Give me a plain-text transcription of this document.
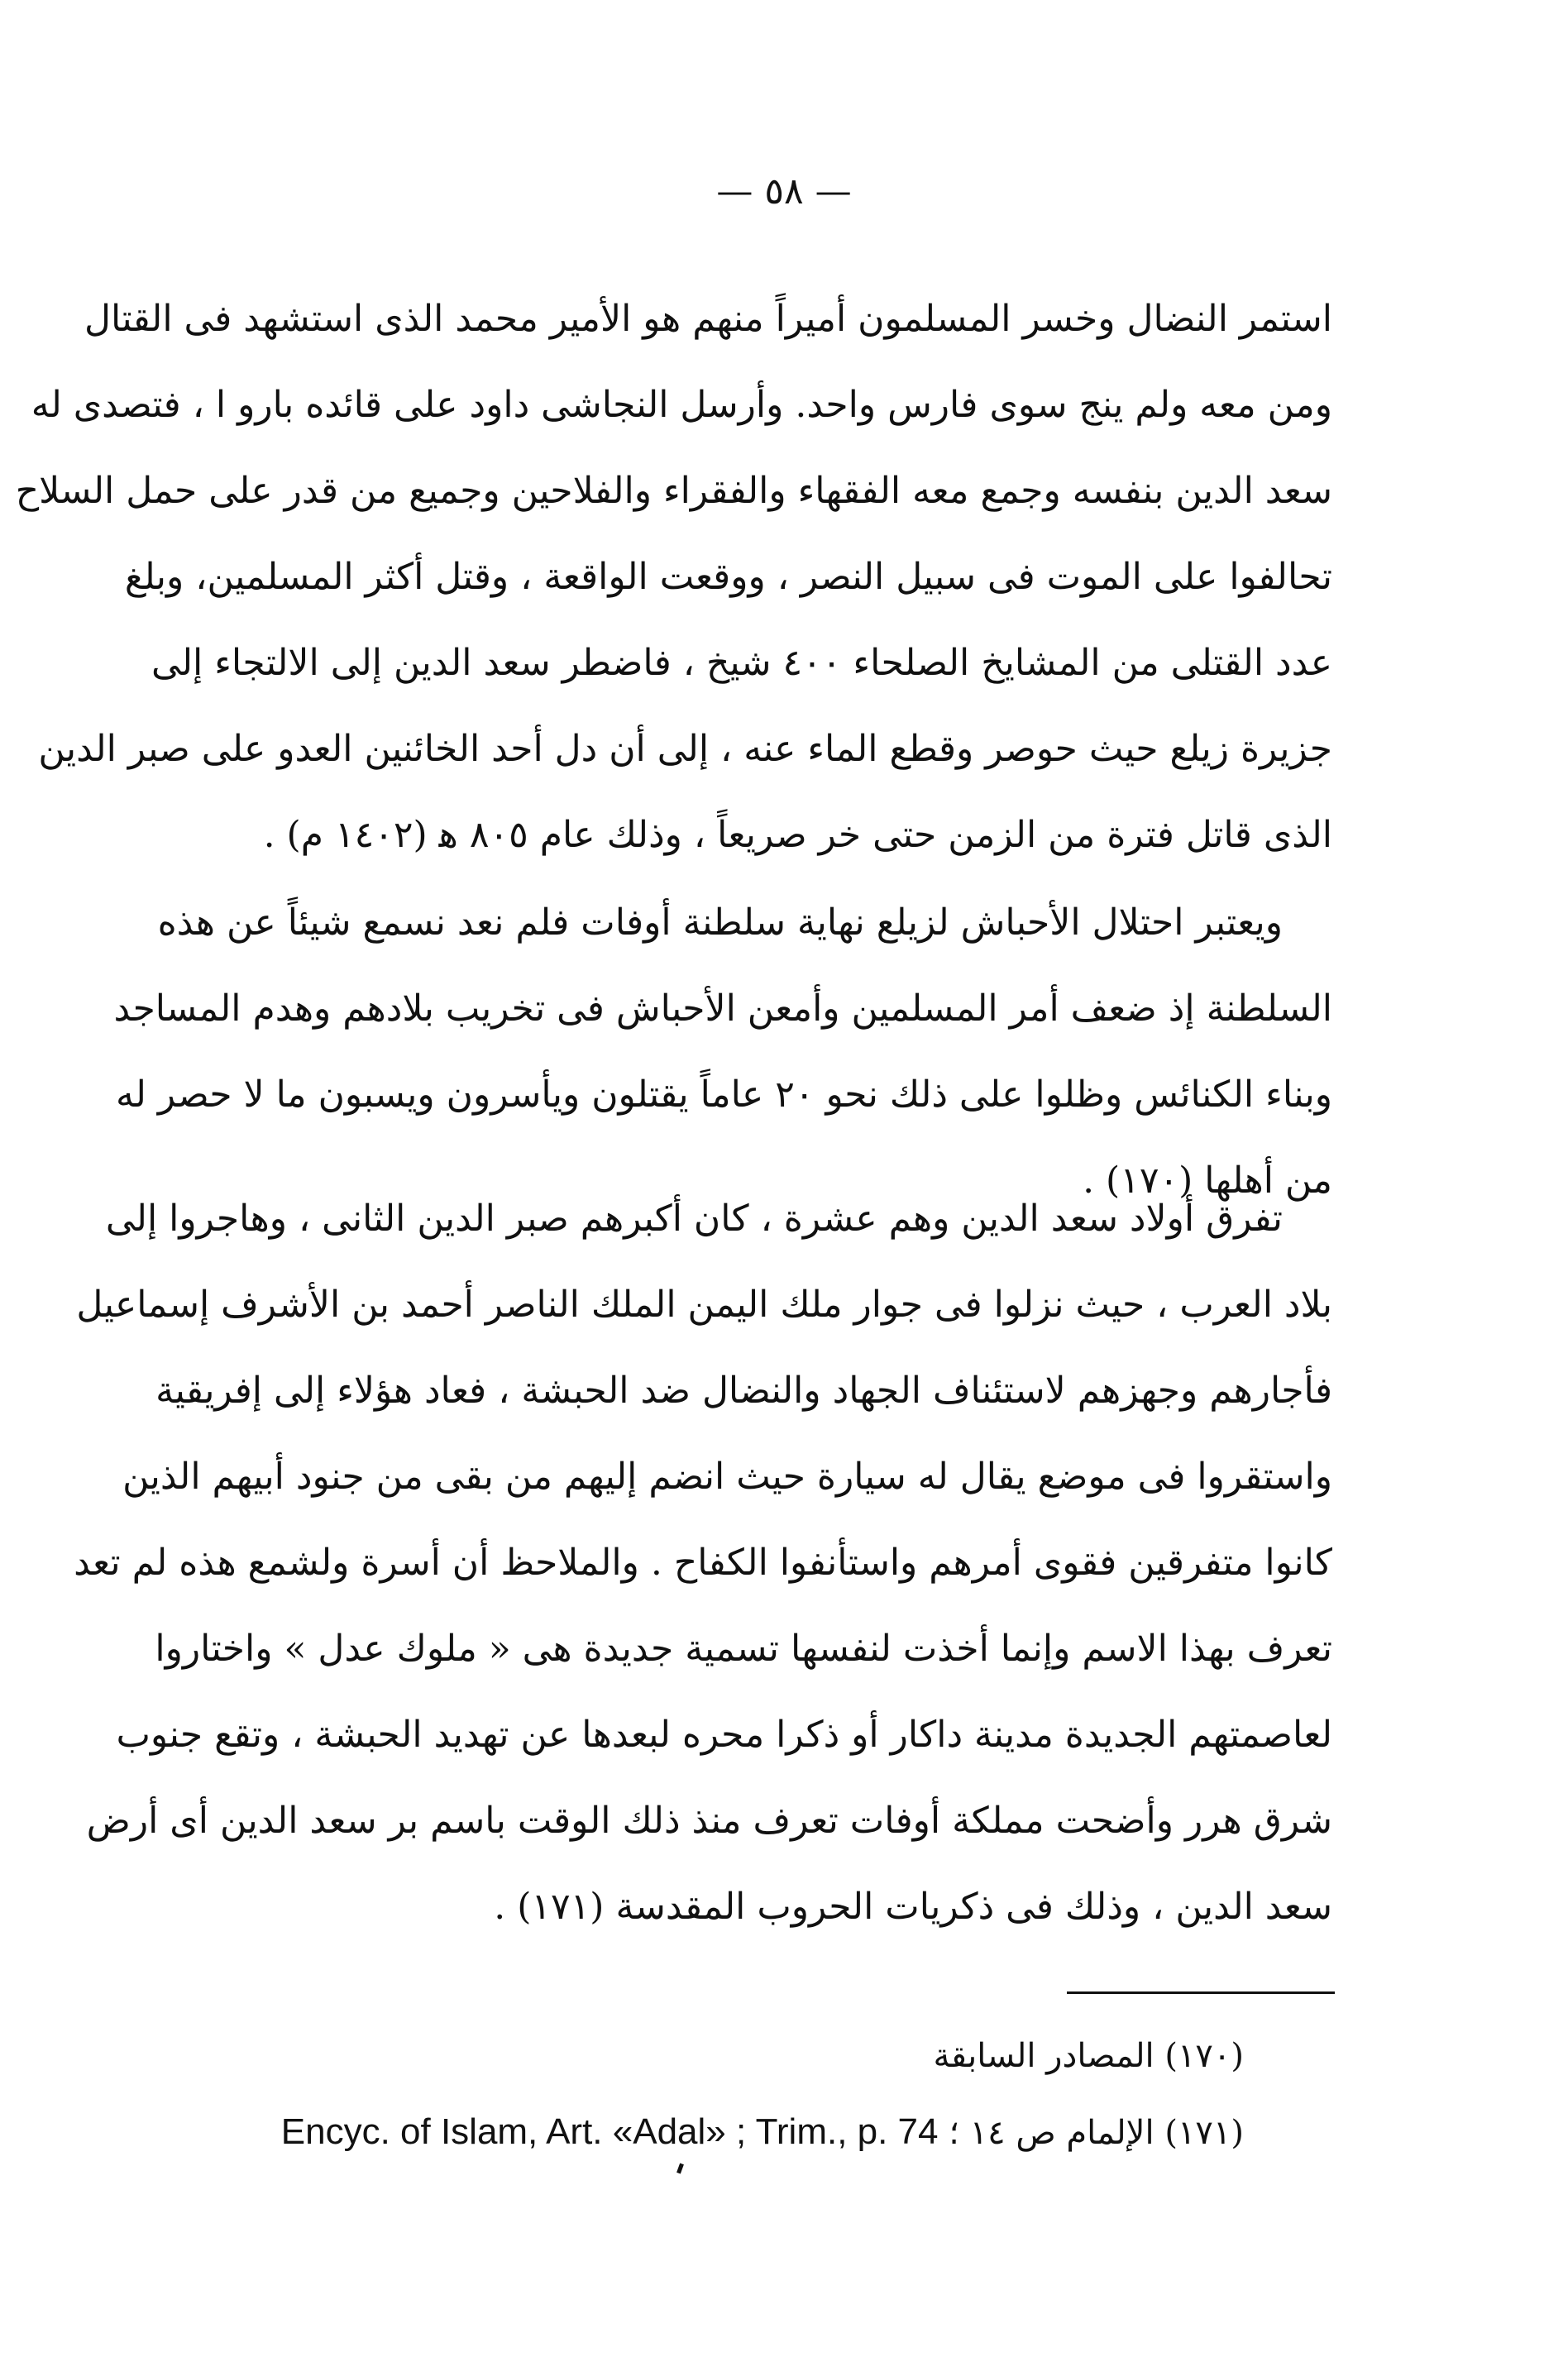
— ٥٨ —
استمر النضال وخسر المسلمون أميراً منهم هو الأمير محمد الذى استشهد فى القتال
ومن معه ولم ينج سوى فارس واحد. وأرسل النجاشى داود على قائده بارو ا ، فتصدى له
سعد الدين بنفسه وجمع معه الفقهاء والفقراء والفلاحين وجميع من قدر على حمل السلاح
تحالفوا على الموت فى سبيل النصر ، ووقعت الواقعة ، وقتل أكثر المسلمين، وبلغ
عدد القتلى من المشايخ الصلحاء ٤٠٠ شيخ ، فاضطر سعد الدين إلى الالتجاء إلى
جزيرة زيلع حيث حوصر وقطع الماء عنه ، إلى أن دل أحد الخائنين العدو على صبر الدين
الذى قاتل فترة من الزمن حتى خر صريعاً ، وذلك عام ٨٠٥ ﻫ (١٤٠٢ م) .
ويعتبر احتلال الأحباش لزيلع نهاية سلطنة أوفات فلم نعد نسمع شيئاً عن هذه
السلطنة إذ ضعف أمر المسلمين وأمعن الأحباش فى تخريب بلادهم وهدم المساجد
وبناء الكنائس وظلوا على ذلك نحو ٢٠ عاماً يقتلون ويأسرون ويسبون ما لا حصر له
من أهلها (١٧٠) .
تفرق أولاد سعد الدين وهم عشرة ، كان أكبرهم صبر الدين الثانى ، وهاجروا إلى
بلاد العرب ، حيث نزلوا فى جوار ملك اليمن الملك الناصر أحمد بن الأشرف إسماعيل
فأجارهم وجهزهم لاستئناف الجهاد والنضال ضد الحبشة ، فعاد هؤلاء إلى إفريقية
واستقروا فى موضع يقال له سيارة حيث انضم إليهم من بقى من جنود أبيهم الذين
كانوا متفرقين فقوى أمرهم واستأنفوا الكفاح . والملاحظ أن أسرة ولشمع هذه لم تعد
تعرف بهذا الاسم وإنما أخذت لنفسها تسمية جديدة هى « ملوك عدل » واختاروا
لعاصمتهم الجديدة مدينة داكار أو ذكرا محره لبعدها عن تهديد الحبشة ، وتقع جنوب
شرق هرر وأضحت مملكة أوفات تعرف منذ ذلك الوقت باسم بر سعد الدين أى أرض
سعد الدين ، وذلك فى ذكريات الحروب المقدسة (١٧١) .
(١٧٠) المصادر السابقة
(١٧١) الإلمام ص ١٤ ؛ Encyc. of Islam, Art. «Adal» ; Trim., p. 74
